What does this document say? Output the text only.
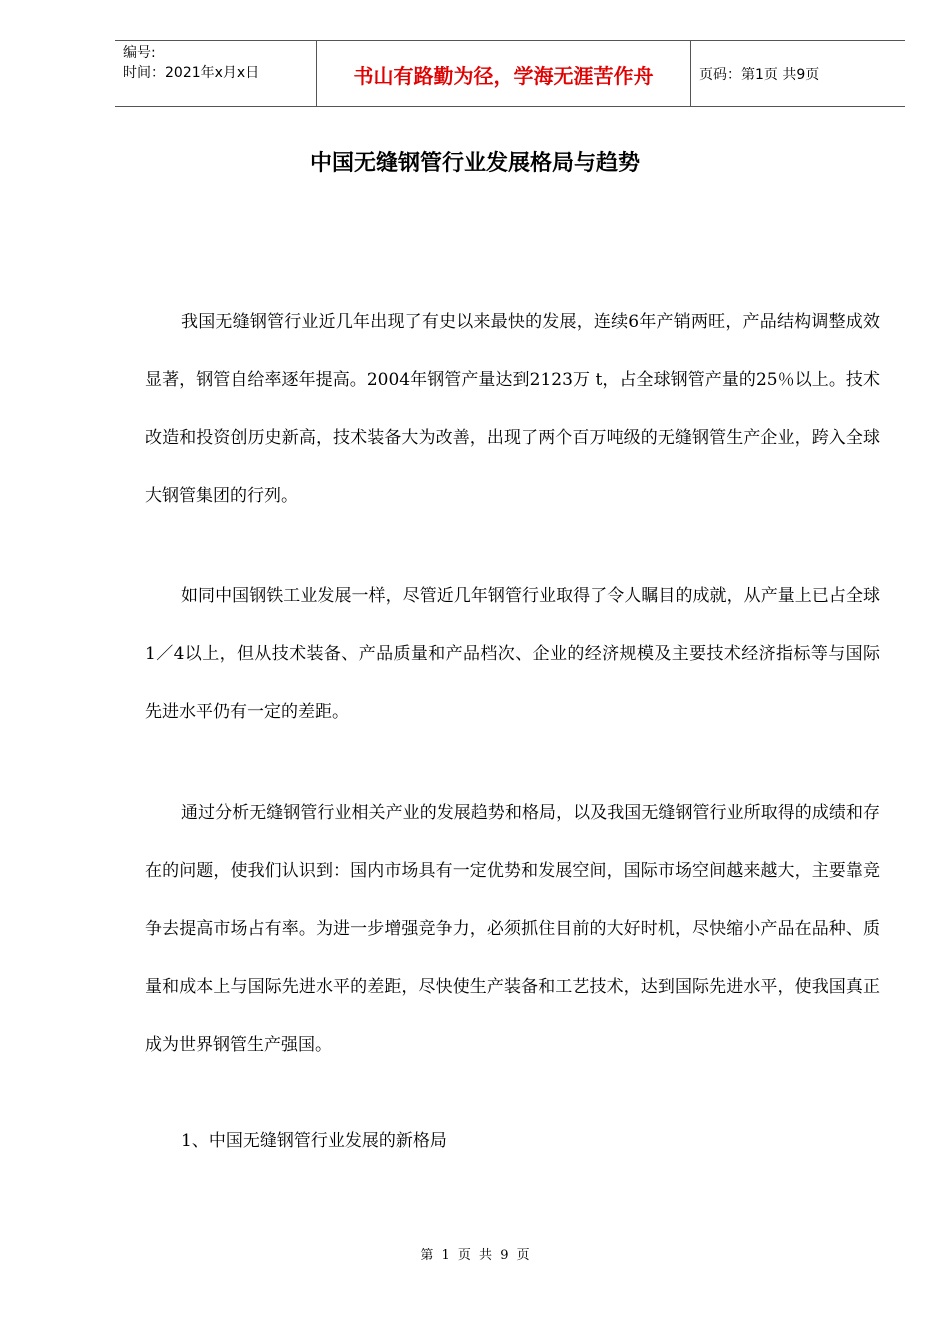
编号:
时间：2021年x月x日	书山有路勤为径，学海无涯苦作舟	页码：第1页 共9页
中国无缝钢管行业发展格局与趋势

我国无缝钢管行业近几年出现了有史以来最快的发展，连续6年产销两旺，产品结构调整成效显著，钢管自给率逐年提高。2004年钢管产量达到2123万 t，占全球钢管产量的25％以上。技术改造和投资创历史新高，技术装备大为改善，出现了两个百万吨级的无缝钢管生产企业，跨入全球大钢管集团的行列。

如同中国钢铁工业发展一样，尽管近几年钢管行业取得了令人瞩目的成就，从产量上已占全球1／4以上，但从技术装备、产品质量和产品档次、企业的经济规模及主要技术经济指标等与国际先进水平仍有一定的差距。

通过分析无缝钢管行业相关产业的发展趋势和格局，以及我国无缝钢管行业所取得的成绩和存在的问题，使我们认识到：国内市场具有一定优势和发展空间，国际市场空间越来越大，主要靠竞争去提高市场占有率。为进一步增强竞争力，必须抓住目前的大好时机，尽快缩小产品在品种、质量和成本上与国际先进水平的差距，尽快使生产装备和工艺技术，达到国际先进水平，使我国真正成为世界钢管生产强国。

1、中国无缝钢管行业发展的新格局

第 1 页 共 9 页
